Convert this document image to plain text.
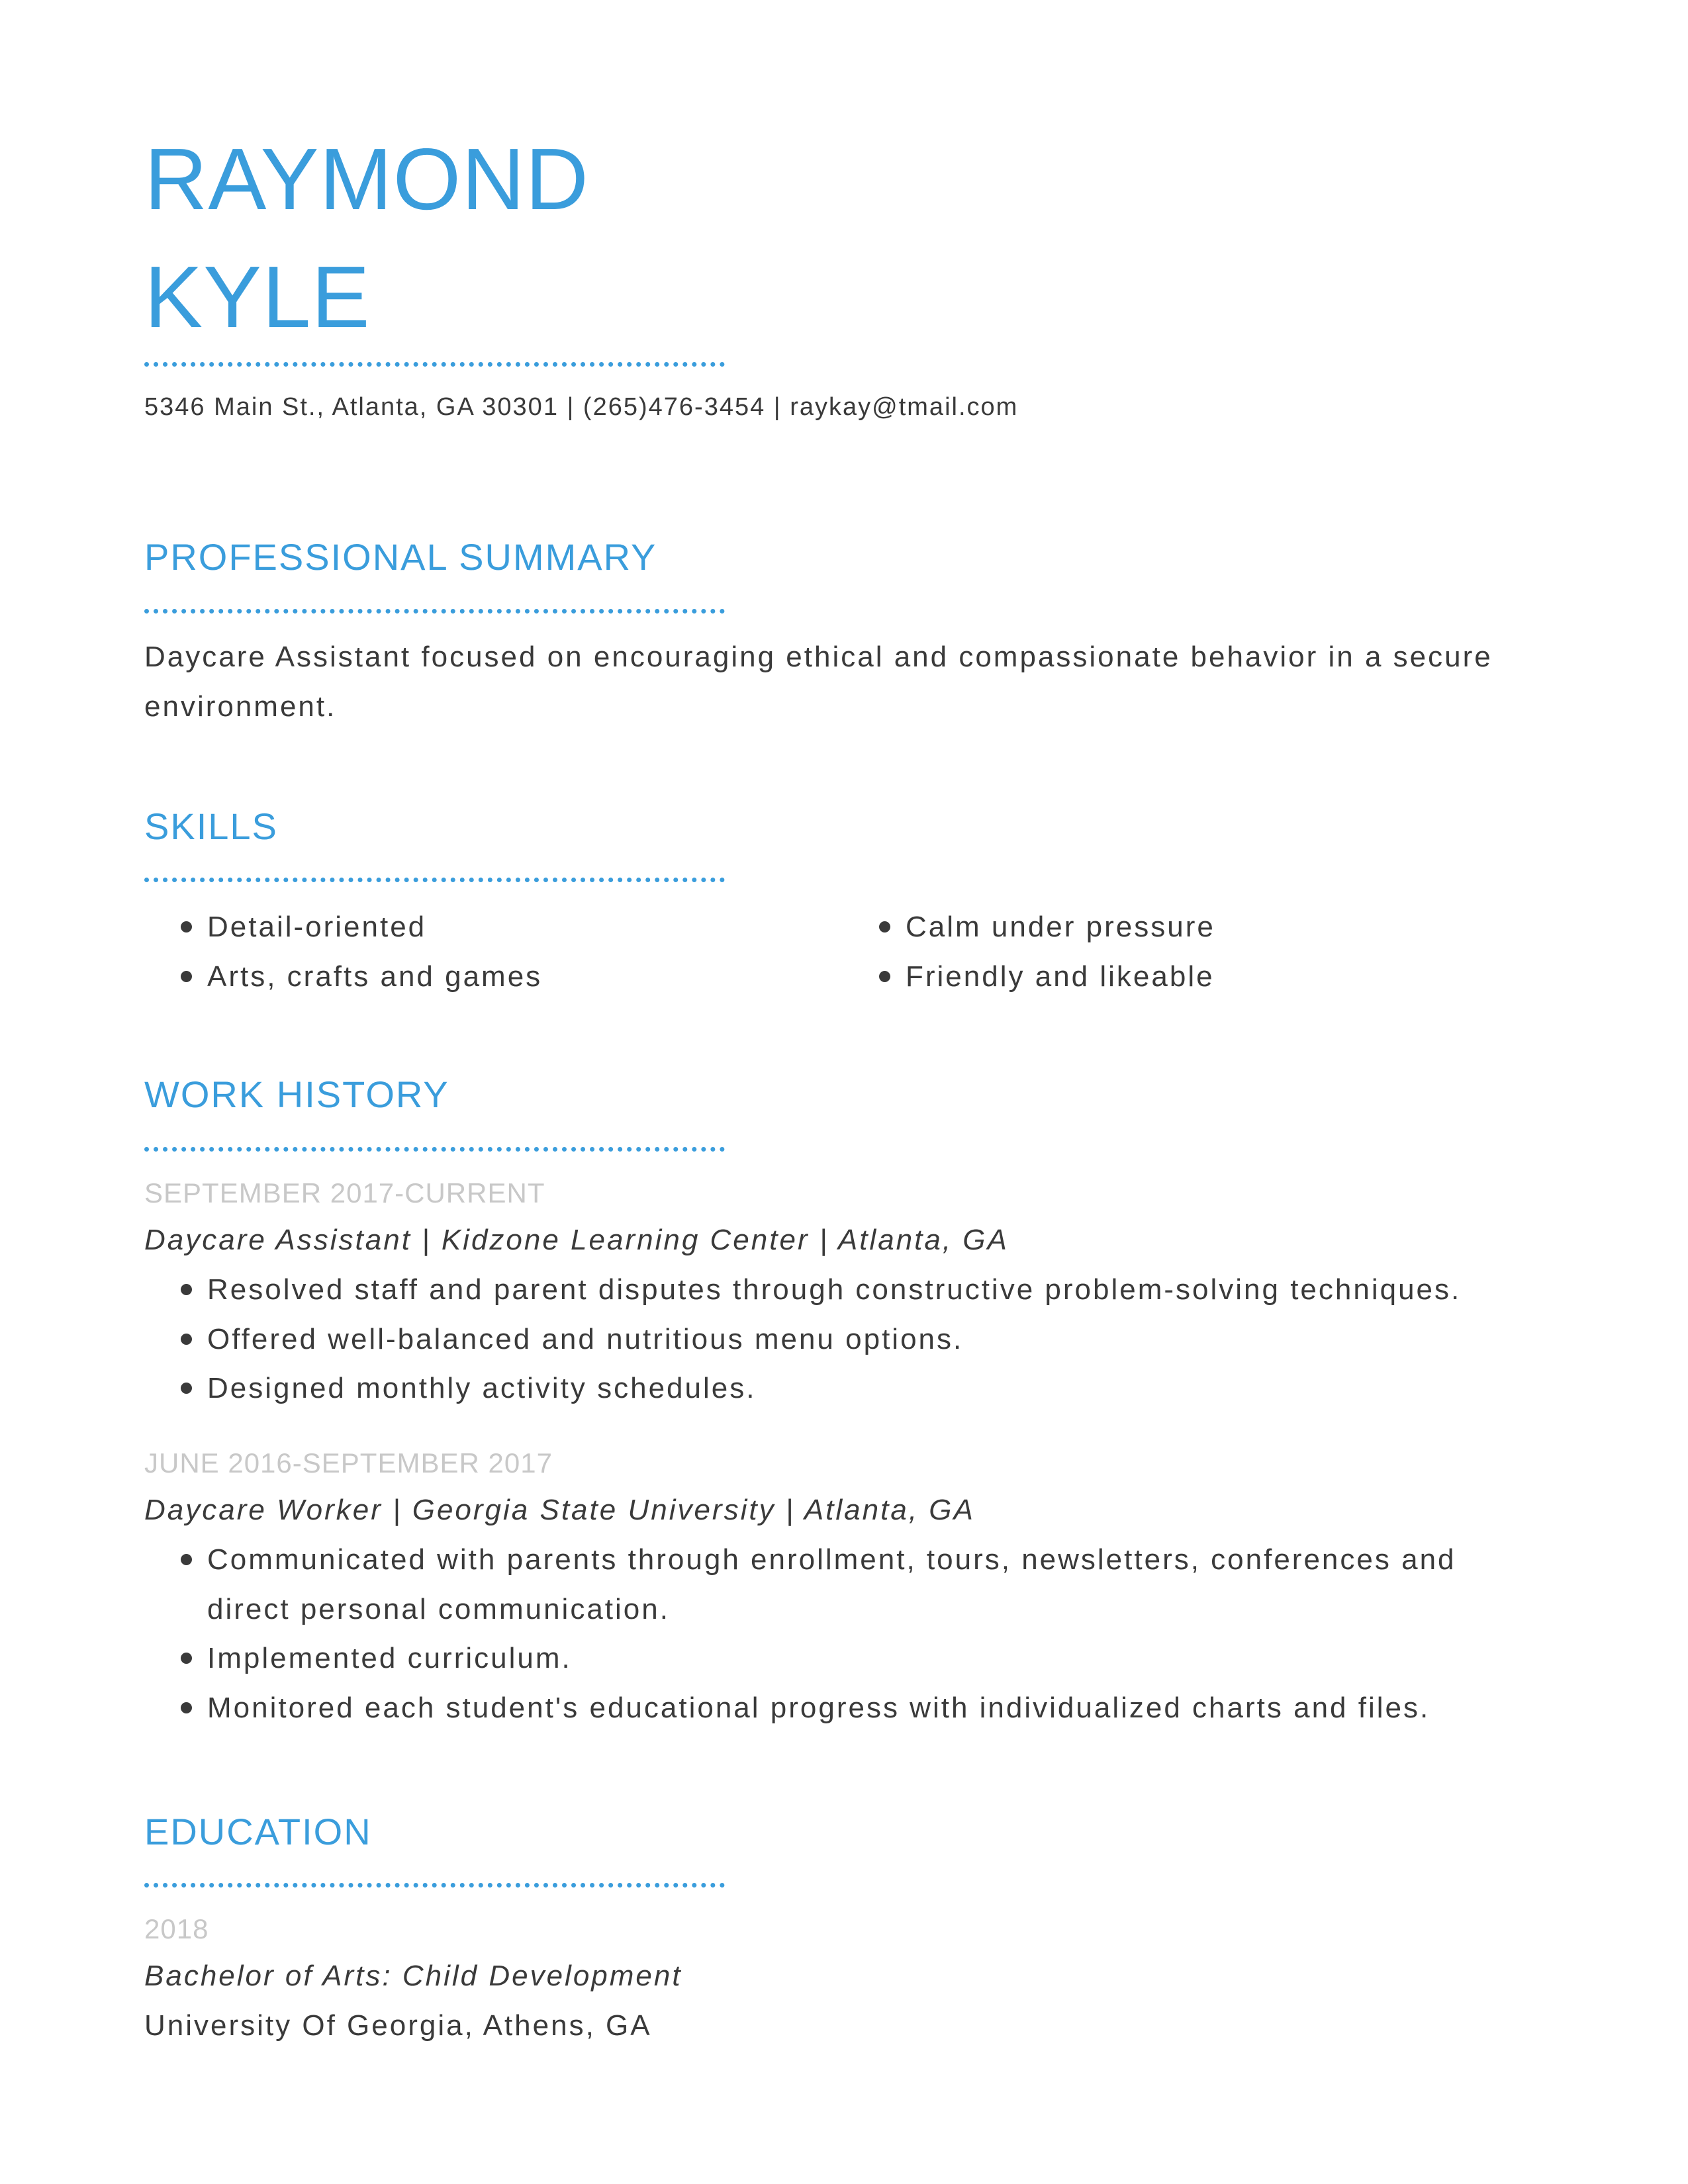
RAYMOND
KYLE
5346 Main St., Atlanta, GA 30301 | (265)476-3454 | raykay@tmail.com
PROFESSIONAL SUMMARY
Daycare Assistant focused on encouraging ethical and compassionate behavior in a secure environment.
SKILLS
Detail-oriented
Arts, crafts and games
Calm under pressure
Friendly and likeable
WORK HISTORY
SEPTEMBER 2017-CURRENT
Daycare Assistant | Kidzone Learning Center | Atlanta, GA
Resolved staff and parent disputes through constructive problem-solving techniques.
Offered well-balanced and nutritious menu options.
Designed monthly activity schedules.
JUNE 2016-SEPTEMBER 2017
Daycare Worker | Georgia State University | Atlanta, GA
Communicated with parents through enrollment, tours, newsletters, conferences and direct personal communication.
Implemented curriculum.
Monitored each student's educational progress with individualized charts and files.
EDUCATION
2018
Bachelor of Arts: Child Development
University Of Georgia, Athens, GA
